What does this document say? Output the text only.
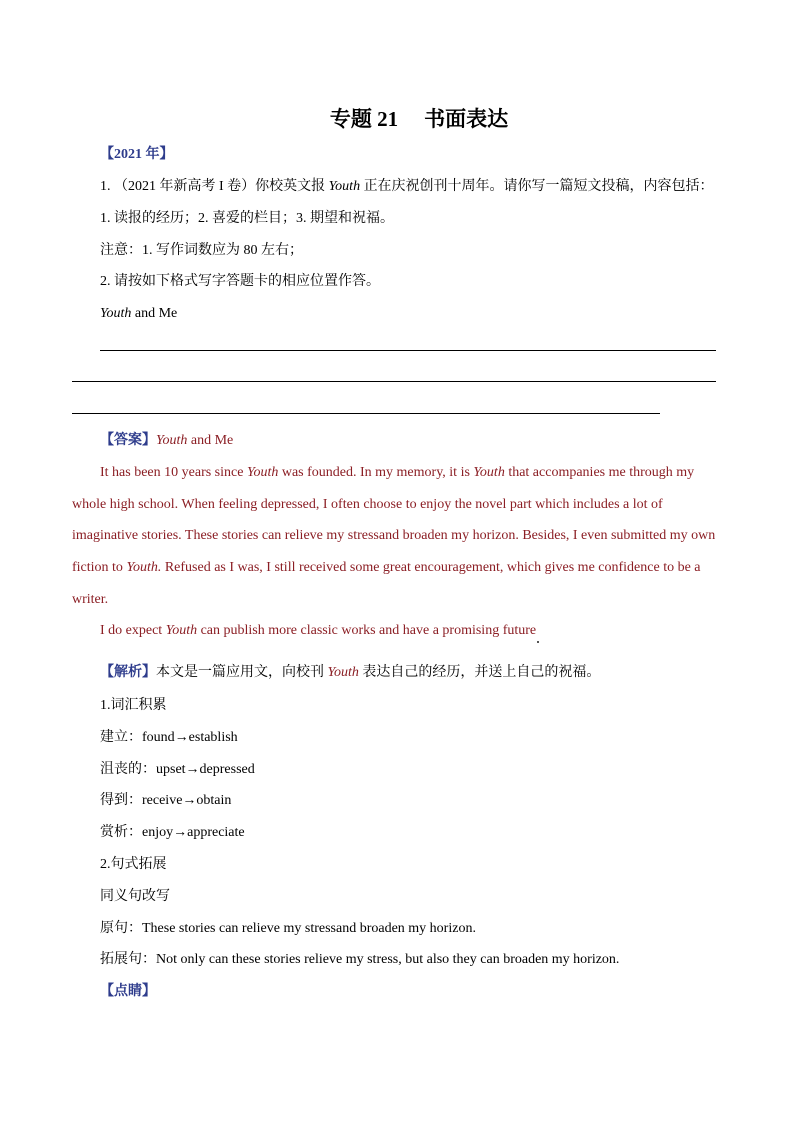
专题 21 书面表达
【2021 年】
1. （2021 年新高考 I 卷）你校英文报 Youth 正在庆祝创刊十周年。请你写一篇短文投稿，内容包括：
1. 读报的经历；2. 喜爱的栏目；3. 期望和祝福。
注意：1. 写作词数应为 80 左右；
2. 请按如下格式写字答题卡的相应位置作答。
Youth and Me
【答案】Youth and Me
It has been 10 years since Youth was founded. In my memory, it is Youth that accompanies me through my
whole high school. When feeling depressed, I often choose to enjoy the novel part which includes a lot of
imaginative stories. These stories can relieve my stressand broaden my horizon. Besides, I even submitted my own
fiction to Youth. Refused as I was, I still received some great encouragement, which gives me confidence to be a
writer.
I do expect Youth can publish more classic works and have a promising future
【解析】本文是一篇应用文，向校刊 Youth 表达自己的经历，并送上自己的祝福。
1.词汇积累
建立：found→establish
沮丧的：upset→depressed
得到：receive→obtain
赏析：enjoy→appreciate
2.句式拓展
同义句改写
原句：These stories can relieve my stressand broaden my horizon.
拓展句：Not only can these stories relieve my stress, but also they can broaden my horizon.
【点睛】
